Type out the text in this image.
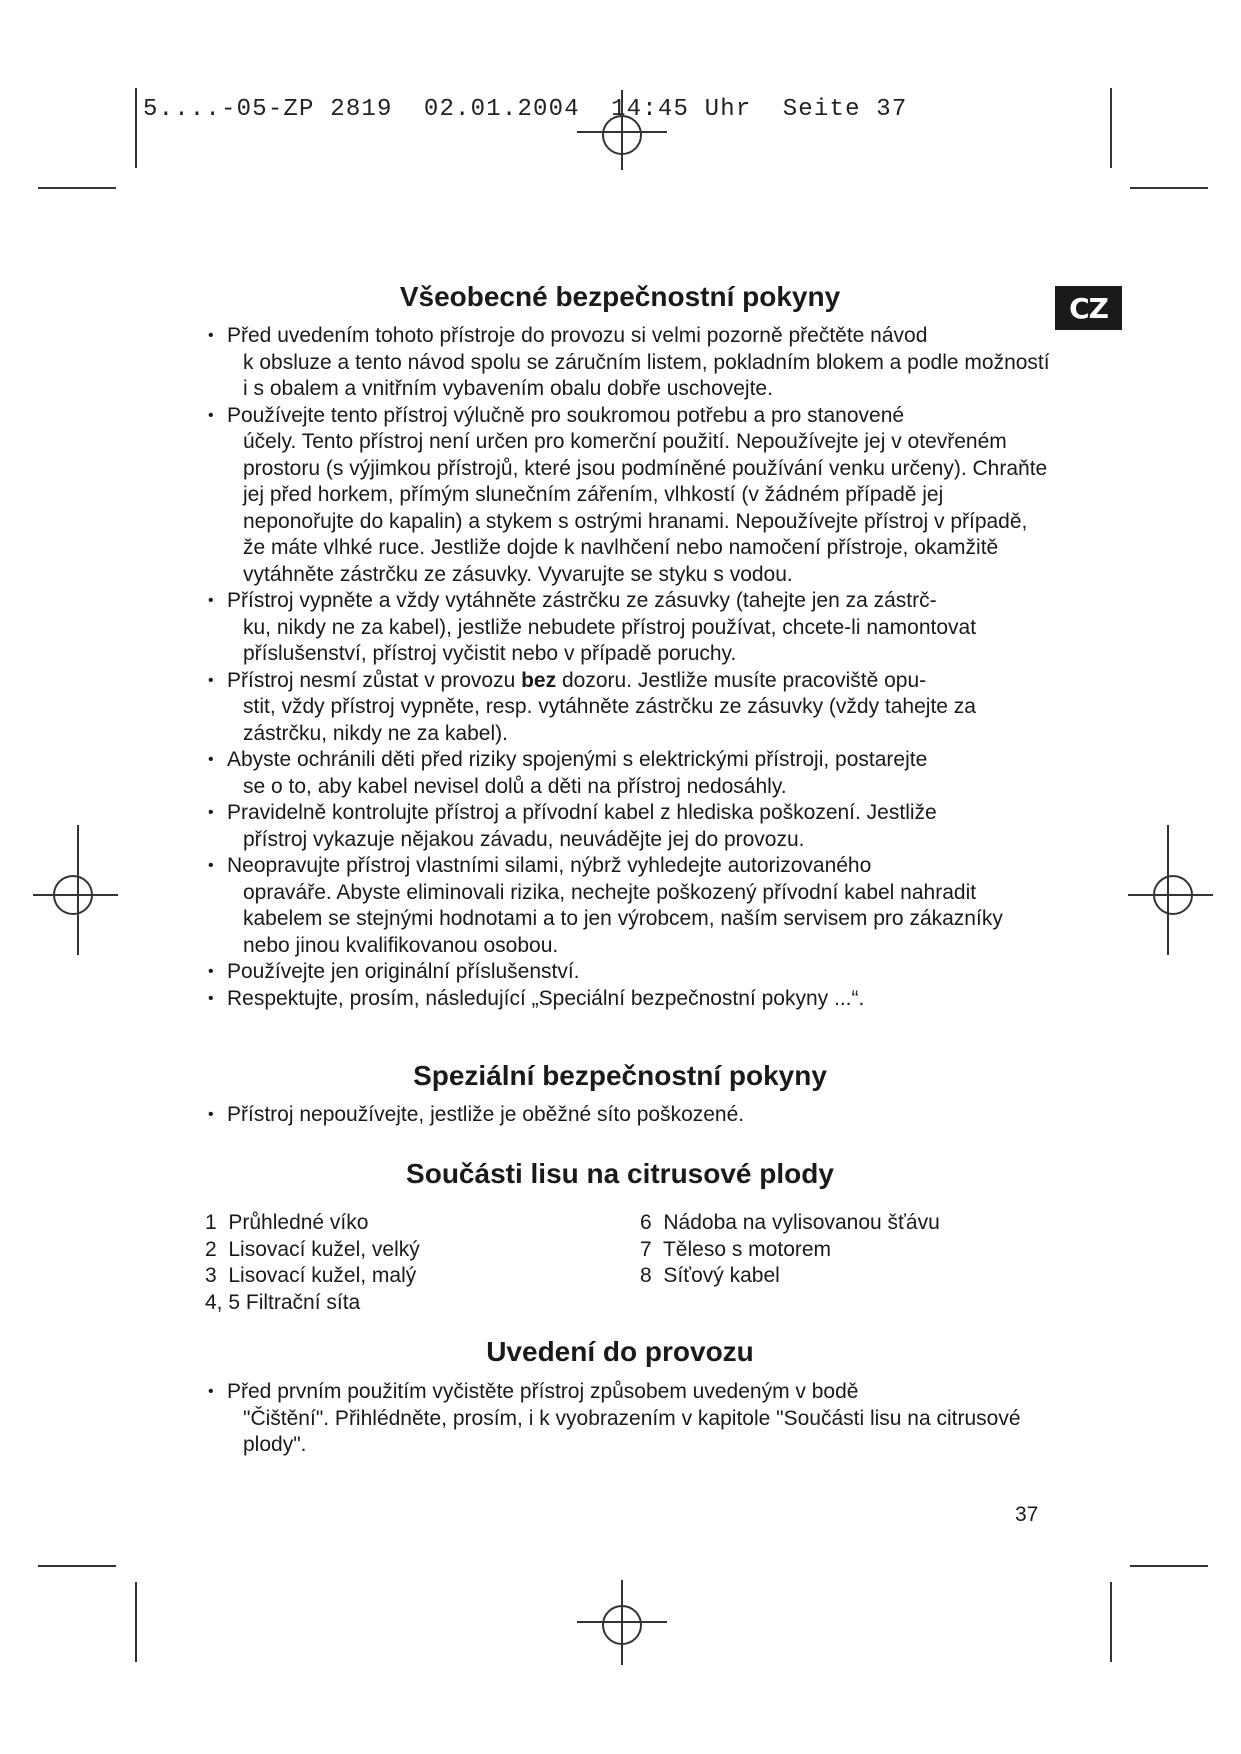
5....-05-ZP 2819  02.01.2004  14:45 Uhr  Seite 37
CZ
Všeobecné bezpečnostní pokyny
• Před uvedením tohoto přístroje do provozu si velmi pozorně přečtěte návod
k obsluze a tento návod spolu se záručním listem, pokladním blokem a podle možností i s obalem a vnitřním vybavením obalu dobře uschovejte.
• Používejte tento přístroj výlučně pro soukromou potřebu a pro stanovené
účely. Tento přístroj není určen pro komerční použití. Nepoužívejte jej v otevřeném prostoru (s výjimkou přístrojů, které jsou podmíněné používání venku určeny). Chraňte jej před horkem, přímým slunečním zářením, vlhkostí (v žádném případě jej neponořujte do kapalin) a stykem s ostrými hranami. Nepoužívejte přístroj v případě, že máte vlhké ruce. Jestliže dojde k navlhčení nebo namočení přístroje, okamžitě vytáhněte zástrčku ze zásuvky. Vyvarujte se styku s vodou.
• Přístroj vypněte a vždy vytáhněte zástrčku ze zásuvky (tahejte jen za zástrč-
ku, nikdy ne za kabel), jestliže nebudete přístroj používat, chcete-li namontovat příslušenství, přístroj vyčistit nebo v případě poruchy.
• Přístroj nesmí zůstat v provozu bez dozoru. Jestliže musíte pracoviště opu-
stit, vždy přístroj vypněte, resp. vytáhněte zástrčku ze zásuvky (vždy tahejte za zástrčku, nikdy ne za kabel).
• Abyste ochránili děti před riziky spojenými s elektrickými přístroji, postarejte
se o to, aby kabel nevisel dolů a děti na přístroj nedosáhly.
• Pravidelně kontrolujte přístroj a přívodní kabel z hlediska poškození. Jestliže
přístroj vykazuje nějakou závadu, neuvádějte jej do provozu.
• Neopravujte přístroj vlastními silami, nýbrž vyhledejte autorizovaného
opraváře. Abyste eliminovali rizika, nechejte poškozený přívodní kabel nahradit kabelem se stejnými hodnotami a to jen výrobcem, naším servisem pro zákazníky nebo jinou kvalifikovanou osobou.
• Používejte jen originální příslušenství.
• Respektujte, prosím, následující „Speciální bezpečnostní pokyny ...“.
Speziální bezpečnostní pokyny
• Přístroj nepoužívejte, jestliže je oběžné síto poškozené.
Součásti lisu na citrusové plody
1 Průhledné víko
2 Lisovací kužel, velký
3 Lisovací kužel, malý
4, 5 Filtrační síta
6 Nádoba na vylisovanou šťávu
7 Těleso s motorem
8 Síťový kabel
Uvedení do provozu
• Před prvním použitím vyčistěte přístroj způsobem uvedeným v bodě
"Čištění". Přihlédněte, prosím, i k vyobrazením v kapitole "Součásti lisu na citrusové plody".
37
